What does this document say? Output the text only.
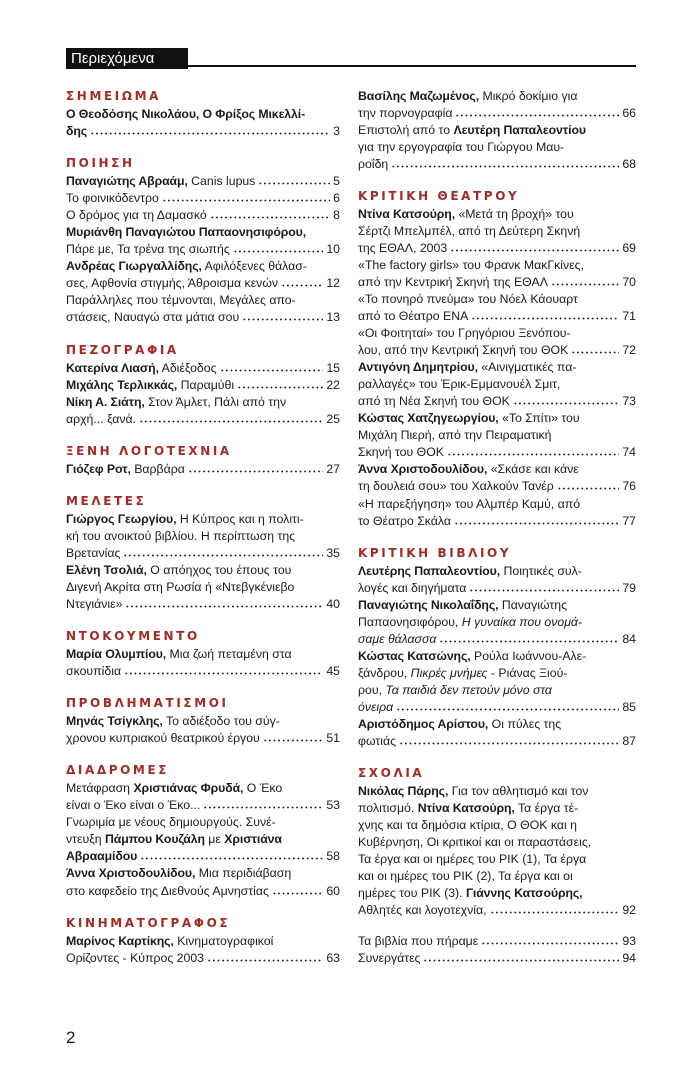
Περιεχόμενα
ΣΗΜΕΙΩΜΑ
Ο Θεοδόσης Νικολάου, Ο Φρίξος Μικελλί-
δης	3
ΠΟΙΗΣΗ
Παναγιώτης Αβραάμ, Canis lupus	5
Το φοινικόδεντρο	6
Ο δρόμος για τη Δαμασκό	8
Μυριάνθη Παναγιώτου Παπαονησιφόρου,
Πάρε με, Τα τρένα της σιωπής	10
Ανδρέας Γιωργαλλίδης, Αφιλόξενες θάλασ-
σες, Αφθονία στιγμής, Άθροισμα κενών	12
Παράλληλες που τέμνονται, Μεγάλες απο-
στάσεις, Ναυαγώ στα μάτια σου	13
ΠΕΖΟΓΡΑΦΙΑ
Κατερίνα Λιασή, Αδιέξοδος	15
Μιχάλης Τερλικκάς, Παραμύθι	22
Νίκη Α. Σιάτη, Στον Άμλετ, Πάλι από την
αρχή... ξανά.	25
ΞΕΝΗ ΛΟΓΟΤΕΧΝΙΑ
Γιόζεφ Ροτ, Βαρβάρα	27
ΜΕΛΕΤΕΣ
Γιώργος Γεωργίου, Η Κύπρος και η πολιτι-
κή του ανοικτού βιβλίου. Η περίπτωση της
Βρετανίας	35
Ελένη Τσολιά, Ο απόηχος του έπους του
Διγενή Ακρίτα στη Ρωσία ή «Ντεβγκένιεβο
Ντεγιάνιε»	40
ΝΤΟΚΟΥΜΕΝΤΟ
Μαρία Ολυμπίου, Μια ζωή πεταμένη στα
σκουπίδια	45
ΠΡΟΒΛΗΜΑΤΙΣΜΟΙ
Μηνάς Τσίγκλης, Το αδιέξοδο του σύγ-
χρονου κυπριακού θεατρικού έργου	51
ΔΙΑΔΡΟΜΕΣ
Μετάφραση Χριστιάνας Φρυδά, Ο Έκο
είναι ο Έκο είναι ο Έκο...	53
Γνωριμία με νέους δημιουργούς. Συνέ-
ντευξη Πάμπου Κουζάλη με Χριστιάνα
Αβρααμίδου	58
Άννα Χριστοδουλίδου, Μια περιδιάβαση
στο καφεδείο της Διεθνούς Αμνηστίας	60
ΚΙΝΗΜΑΤΟΓΡΑΦΟΣ
Μαρίνος Καρτίκης, Κινηματογραφικοί
Ορίζοντες - Κύπρος 2003	63
Βασίλης Μαζωμένος, Μικρό δοκίμιο για
την πορνογραφία	66
Επιστολή από το Λευτέρη Παπαλεοντίου
για την εργογραφία του Γιώργου Μαυ-
ροΐδη	68
ΚΡΙΤΙΚΗ ΘΕΑΤΡΟΥ
Ντίνα Κατσούρη, «Μετά τη βροχή» του
Σέρτζι Μπελμπέλ, από τη Δεύτερη Σκηνή
της ΕΘΑΛ, 2003	69
«The factory girls» του Φρανκ ΜακΓκίνες,
από την Κεντρική Σκηνή της ΕΘΑΛ	70
«Το πονηρό πνεύμα» του Νόελ Κάουαρτ
από το Θέατρο ΕΝΑ	71
«Οι Φοιτηταί» του Γρηγόριου Ξενόπου-
λου, από την Κεντρική Σκηνή του ΘΟΚ	72
Αντιγόνη Δημητρίου, «Αινιγματικές πα-
ραλλαγές» του Έρικ-Εμμανουέλ Σμιτ,
από τη Νέα Σκηνή του ΘΟΚ	73
Κώστας Χατζηγεωργίου, «Το Σπίτι» του
Μιχάλη Πιερή, από την Πειραματική
Σκηνή του ΘΟΚ	74
Άννα Χριστοδουλίδου, «Σκάσε και κάνε
τη δουλειά σου» του Χαλκούν Τανέρ	76
«Η παρεξήγηση» του Αλμπέρ Καμύ, από
το Θέατρο Σκάλα	77
ΚΡΙΤΙΚΗ ΒΙΒΛΙΟΥ
Λευτέρης Παπαλεοντίου, Ποιητικές συλ-
λογές και διηγήματα	79
Παναγιώτης Νικολαΐδης, Παναγιώτης
Παπαονησιφόρου, Η γυναίκα που ονομά-
σαμε θάλασσα	84
Κώστας Κατσώνης, Ρούλα Ιωάννου-Αλε-
ξάνδρου, Πικρές μνήμες - Ριάνας Ξιού-
ρου, Τα παιδιά δεν πετούν μόνο στα
όνειρα	85
Αριστόδημος Αρίστου, Οι πύλες της
φωτιάς	87
ΣΧΟΛΙΑ
Νικόλας Πάρης, Για τον αθλητισμό και τον
πολιτισμό. Ντίνα Κατσούρη, Τα έργα τέ-
χνης και τα δημόσια κτίρια, Ο ΘΟΚ και η
Κυβέρνηση, Οι κριτικοί και οι παραστάσεις,
Τα έργα και οι ημέρες του ΡΙΚ (1), Τα έργα
και οι ημέρες του ΡΙΚ (2), Τα έργα και οι
ημέρες του ΡΙΚ (3). Γιάννης Κατσούρης,
Αθλητές και λογοτεχνία,	92
Τα βιβλία που πήραμε	93
Συνεργάτες	94
2
